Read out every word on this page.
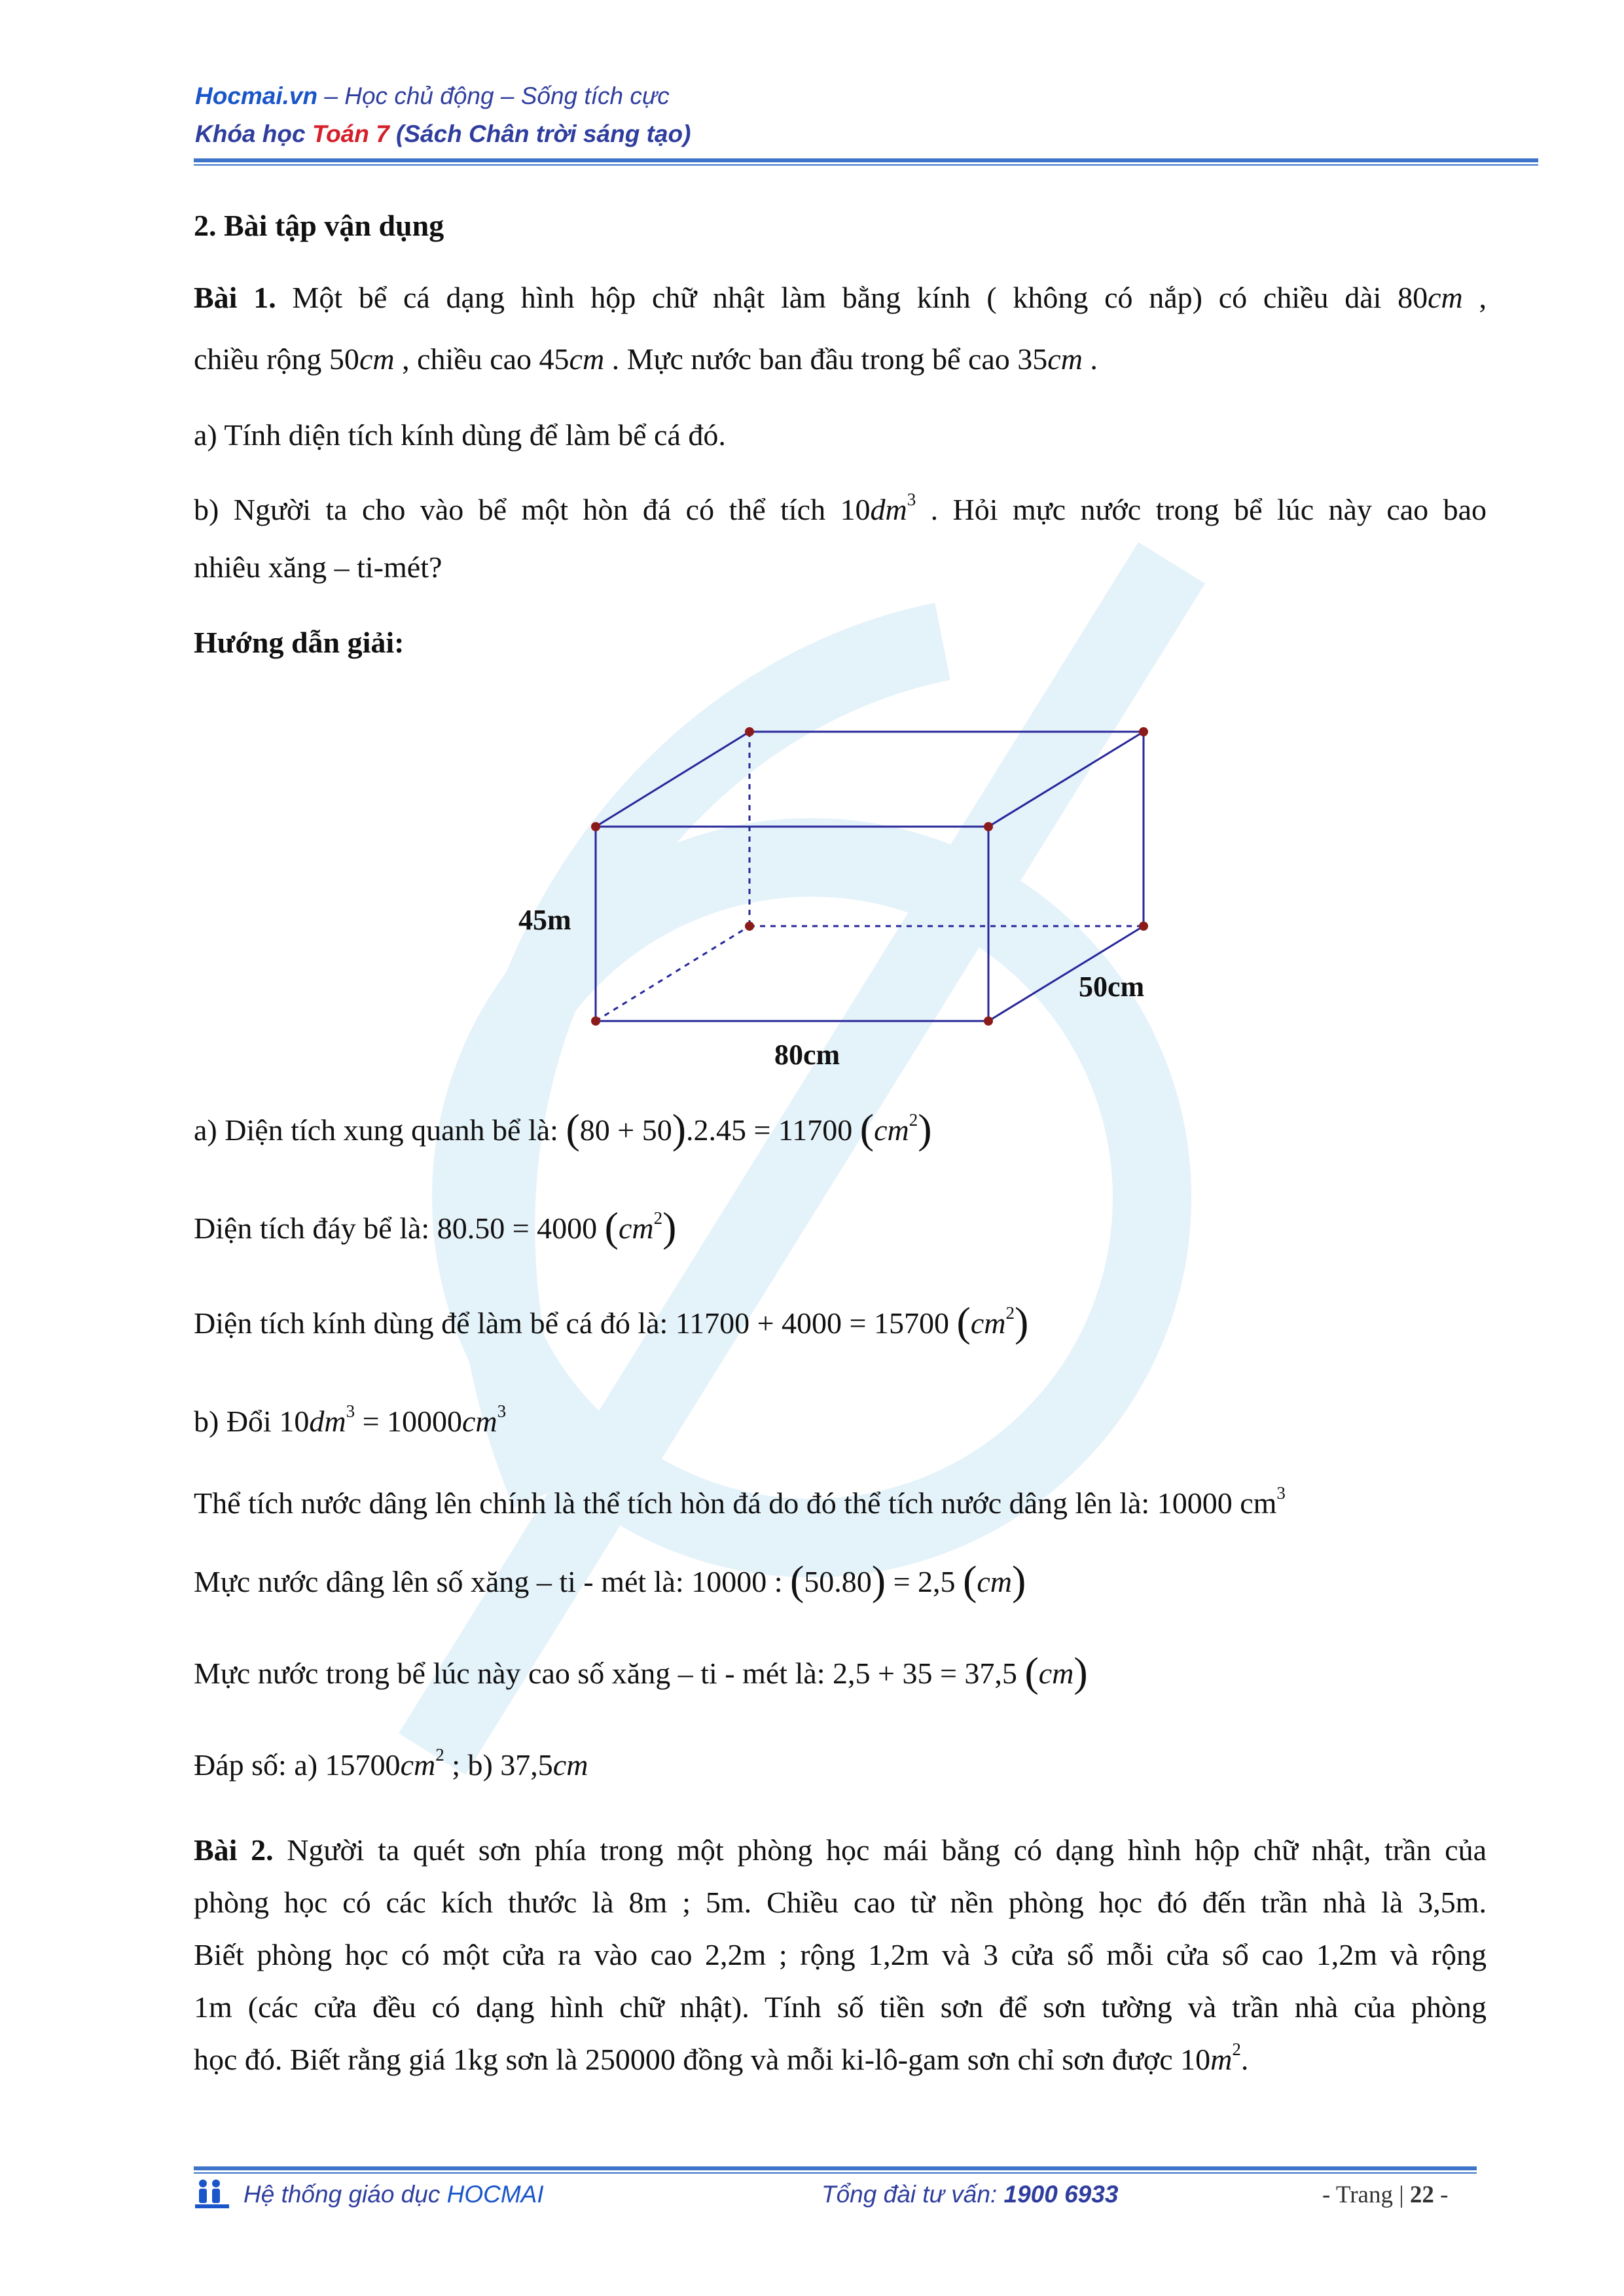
Hocmai.vn – Học chủ động – Sống tích cực
Khóa học Toán 7 (Sách Chân trời sáng tạo)
2. Bài tập vận dụng
Bài 1. Một bể cá dạng hình hộp chữ nhật làm bằng kính ( không có nắp) có chiều dài 80cm ,
chiều rộng 50cm , chiều cao 45cm . Mực nước ban đầu trong bể cao 35cm .
a) Tính diện tích kính dùng để làm bể cá đó.
b) Người ta cho vào bể một hòn đá có thể tích $10dm^3$ . Hỏi mực nước trong bể lúc này cao bao
nhiêu xăng – ti-mét?
Hướng dẫn giải:
a) Diện tích xung quanh bể là: (80 + 50).2.45 = 11700 $(cm^2)$
Diện tích đáy bể là: 80.50 = 4000 $(cm^2)$
Diện tích kính dùng để làm bể cá đó là: 11700 + 4000 = 15700 $(cm^2)$
b) Đổi $10dm^3 = 10000cm^3$
Thể tích nước dâng lên chính là thể tích hòn đá do đó thể tích nước dâng lên là: 10000 $cm^3$
Mực nước dâng lên số xăng – ti - mét là: 10000 : (50.80) = 2,5 (cm)
Mực nước trong bể lúc này cao số xăng – ti - mét là: 2,5 + 35 = 37,5 (cm)
Đáp số: a) $15700cm^2$ ; b) 37,5cm
Bài 2. Người ta quét sơn phía trong một phòng học mái bằng có dạng hình hộp chữ nhật, trần của
phòng học có các kích thước là 8m ; 5m. Chiều cao từ nền phòng học đó đến trần nhà là 3,5m.
Biết phòng học có một cửa ra vào cao 2,2m ; rộng 1,2m và 3 cửa sổ mỗi cửa sổ cao 1,2m và rộng
1m (các cửa đều có dạng hình chữ nhật). Tính số tiền sơn để sơn tường và trần nhà của phòng
học đó. Biết rằng giá 1kg sơn là 250000 đồng và mỗi ki-lô-gam sơn chỉ sơn được $10m^2$.
45m
50cm
80cm
Hệ thống giáo dục HOCMAI	Tổng đài tư vấn: 1900 6933	- Trang | 22 -
